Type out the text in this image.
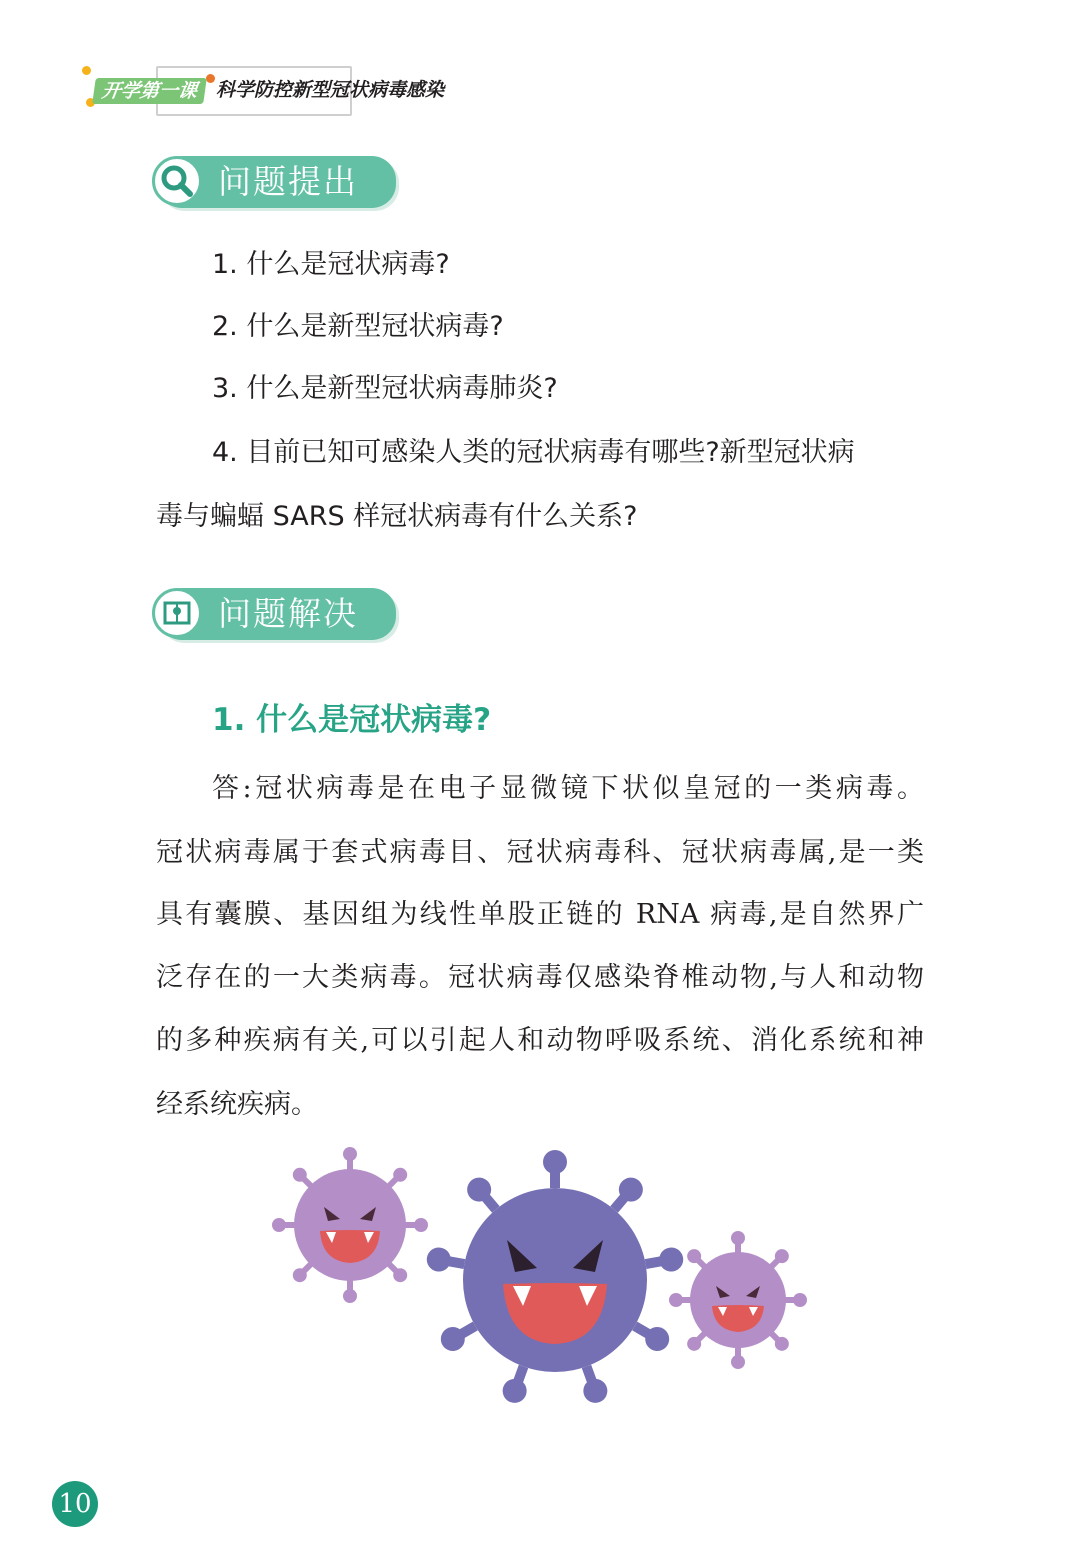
开学第一课 科学防控新型冠状病毒感染
问题提出
1. 什么是冠状病毒?
2. 什么是新型冠状病毒?
3. 什么是新型冠状病毒肺炎?
4. 目前已知可感染人类的冠状病毒有哪些?新型冠状病
毒与蝙蝠 SARS 样冠状病毒有什么关系?
问题解决
1. 什么是冠状病毒?
答:冠状病毒是在电子显微镜下状似皇冠的一类病毒。
冠状病毒属于套式病毒目、冠状病毒科、冠状病毒属,是一类
具有囊膜、基因组为线性单股正链的 RNA 病毒,是自然界广
泛存在的一大类病毒。冠状病毒仅感染脊椎动物,与人和动物
的多种疾病有关,可以引起人和动物呼吸系统、消化系统和神
经系统疾病。
10
